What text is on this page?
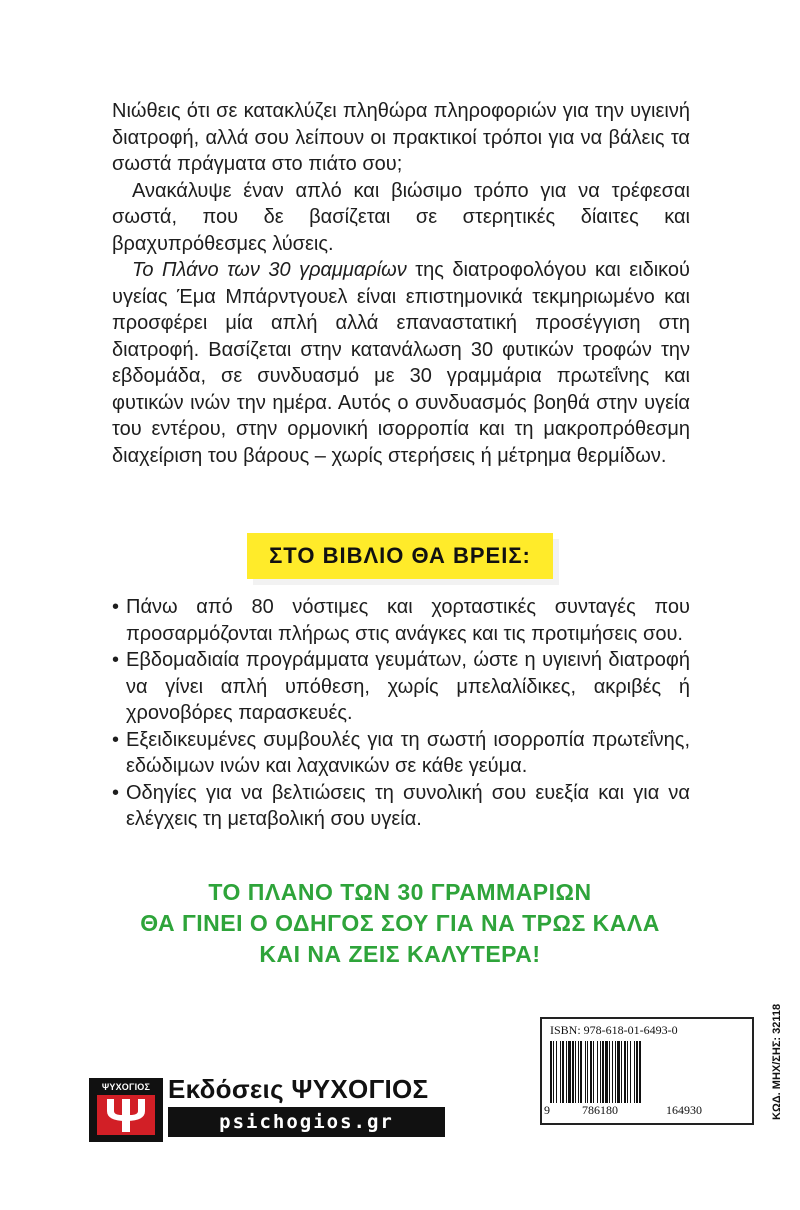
Νιώθεις ότι σε κατακλύζει πληθώρα πληροφοριών για την υγιεινή διατροφή, αλλά σου λείπουν οι πρακτικοί τρόποι για να βάλεις τα σωστά πράγματα στο πιάτο σου;

Ανακάλυψε έναν απλό και βιώσιμο τρόπο για να τρέφεσαι σωστά, που δε βασίζεται σε στερητικές δίαιτες και βραχυπρόθεσμες λύσεις.

Το Πλάνο των 30 γραμμαρίων της διατροφολόγου και ειδικού υγείας Έμα Μπάρντγουελ είναι επιστημονικά τεκμηριωμένο και προσφέρει μία απλή αλλά επαναστατική προσέγγιση στη διατροφή. Βασίζεται στην κατανάλωση 30 φυτικών τροφών την εβδομάδα, σε συνδυασμό με 30 γραμμάρια πρωτεΐνης και φυτικών ινών την ημέρα. Αυτός ο συνδυασμός βοηθά στην υγεία του εντέρου, στην ορμονική ισορροπία και τη μακροπρόθεσμη διαχείριση του βάρους – χωρίς στερήσεις ή μέτρημα θερμίδων.

ΣΤΟ ΒΙΒΛΙΟ ΘΑ ΒΡΕΙΣ:
• Πάνω από 80 νόστιμες και χορταστικές συνταγές που προσαρμόζονται πλήρως στις ανάγκες και τις προτιμήσεις σου.
• Εβδομαδιαία προγράμματα γευμάτων, ώστε η υγιεινή διατροφή να γίνει απλή υπόθεση, χωρίς μπελαλίδικες, ακριβές ή χρονοβόρες παρασκευές.
• Εξειδικευμένες συμβουλές για τη σωστή ισορροπία πρωτεΐνης, εδώδιμων ινών και λαχανικών σε κάθε γεύμα.
• Οδηγίες για να βελτιώσεις τη συνολική σου ευεξία και για να ελέγχεις τη μεταβολική σου υγεία.
ΤΟ ΠΛΑΝΟ ΤΩΝ 30 ΓΡΑΜΜΑΡΙΩΝ
ΘΑ ΓΙΝΕΙ Ο ΟΔΗΓΟΣ ΣΟΥ ΓΙΑ ΝΑ ΤΡΩΣ ΚΑΛΑ
ΚΑΙ ΝΑ ΖΕΙΣ ΚΑΛΥΤΕΡΑ!
ΨΥΧΟΓΙΟΣ Εκδόσεις ΨΥΧΟΓΙΟΣ
psichogios.gr
ISBN: 978-618-01-6493-0
9	786180	164930	ΚΩΔ. ΜΗΧ/ΣΗΣ: 32118
